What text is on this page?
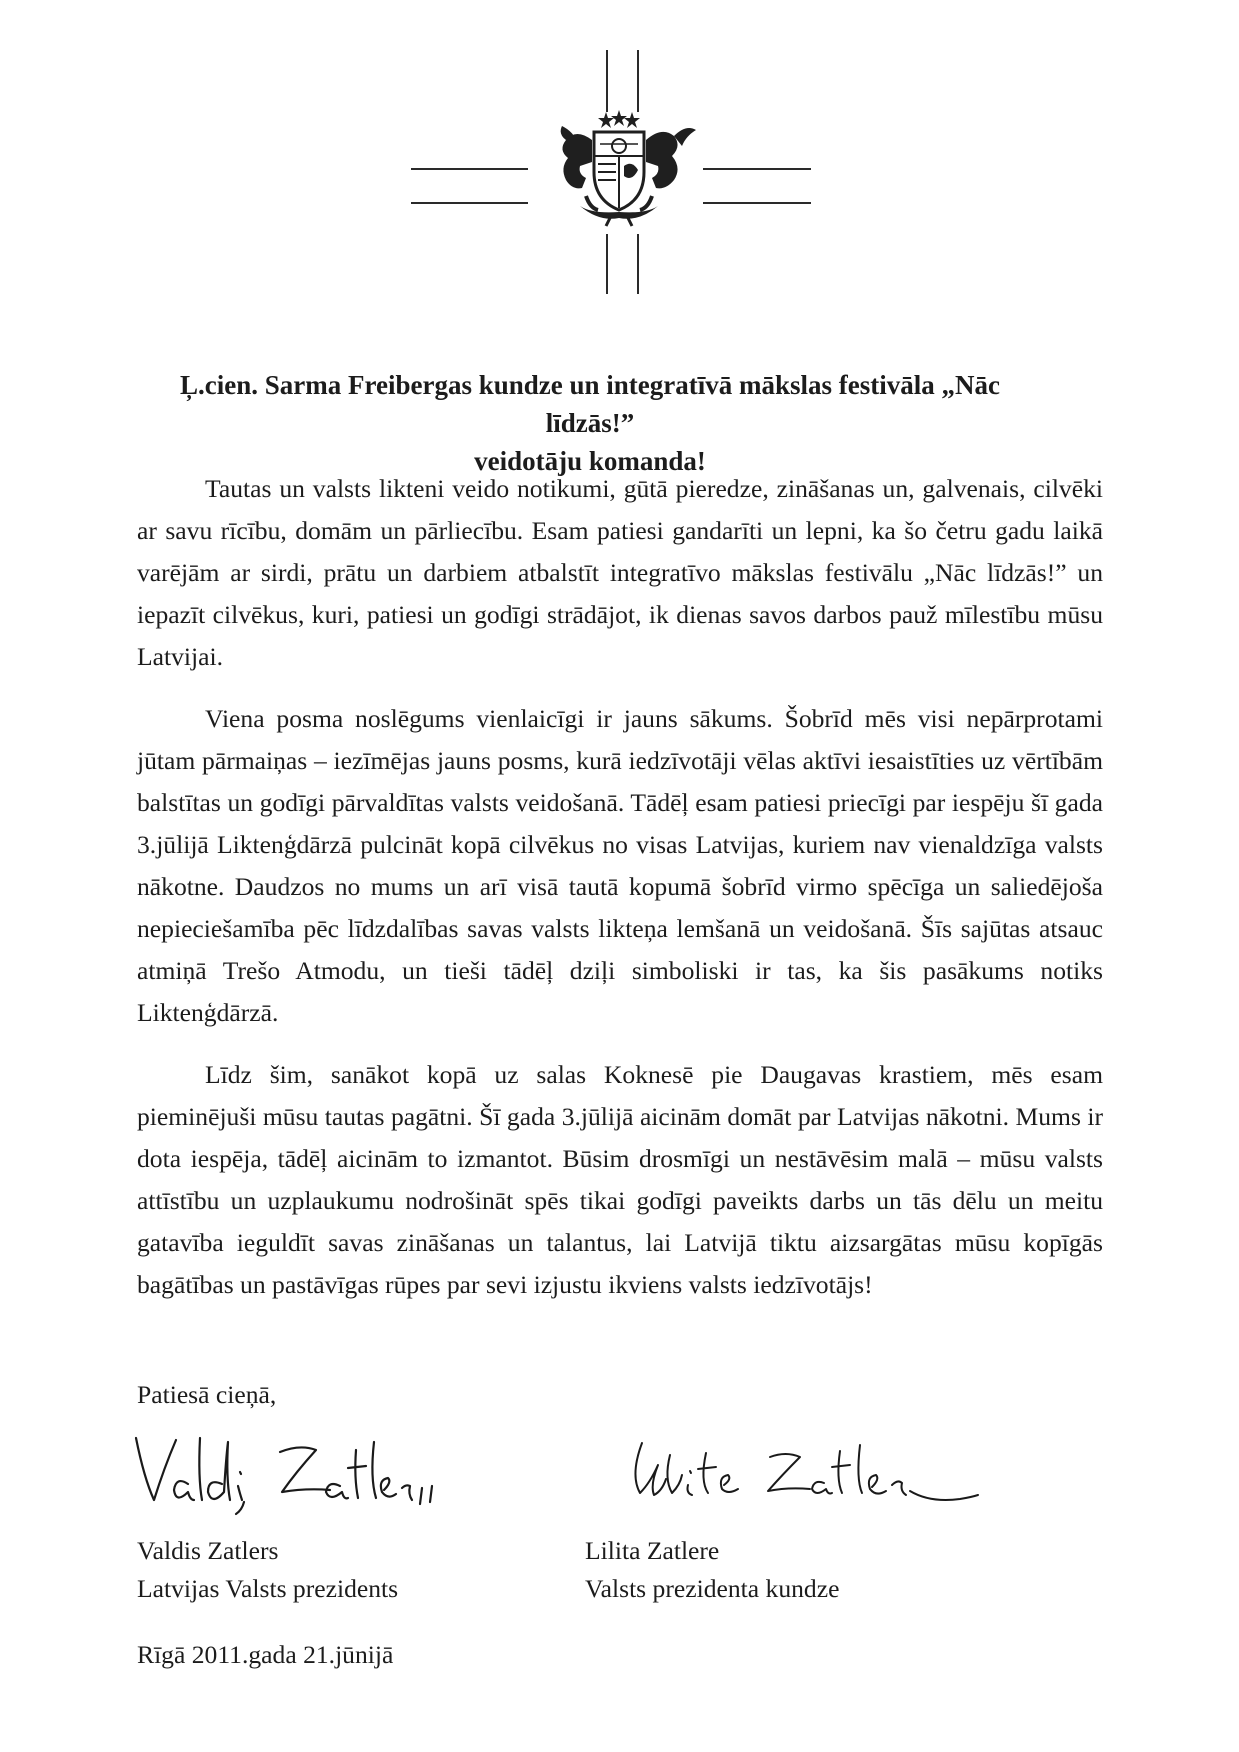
Ļ.cien. Sarma Freibergas kundze un integratīvā mākslas festivāla „Nāc līdzās!”

veidotāju komanda!

Tautas un valsts likteni veido notikumi, gūtā pieredze, zināšanas un, galvenais, cilvēki ar savu rīcību, domām un pārliecību. Esam patiesi gandarīti un lepni, ka šo četru gadu laikā varējām ar sirdi, prātu un darbiem atbalstīt integratīvo mākslas festivālu „Nāc līdzās!” un iepazīt cilvēkus, kuri, patiesi un godīgi strādājot, ik dienas savos darbos pauž mīlestību mūsu Latvijai.

Viena posma noslēgums vienlaicīgi ir jauns sākums. Šobrīd mēs visi nepārprotami jūtam pārmaiņas – iezīmējas jauns posms, kurā iedzīvotāji vēlas aktīvi iesaistīties uz vērtībām balstītas un godīgi pārvaldītas valsts veidošanā. Tādēļ esam patiesi priecīgi par iespēju šī gada 3.jūlijā Liktenģdārzā pulcināt kopā cilvēkus no visas Latvijas, kuriem nav vienaldzīga valsts nākotne. Daudzos no mums un arī visā tautā kopumā šobrīd virmo spēcīga un saliedējoša nepieciešamība pēc līdzdalības savas valsts likteņa lemšanā un veidošanā. Šīs sajūtas atsauc atmiņā Trešo Atmodu, un tieši tādēļ dziļi simboliski ir tas, ka šis pasākums notiks Liktenģdārzā.

Līdz šim, sanākot kopā uz salas Koknesē pie Daugavas krastiem, mēs esam pieminējuši mūsu tautas pagātni. Šī gada 3.jūlijā aicinām domāt par Latvijas nākotni. Mums ir dota iespēja, tādēļ aicinām to izmantot. Būsim drosmīgi un nestāvēsim malā – mūsu valsts attīstību un uzplaukumu nodrošināt spēs tikai godīgi paveikts darbs un tās dēlu un meitu gatavība ieguldīt savas zināšanas un talantus, lai Latvijā tiktu aizsargātas mūsu kopīgās bagātības un pastāvīgas rūpes par sevi izjustu ikviens valsts iedzīvotājs!

Patiesā cieņā,
Valdis Zatlers
Latvijas Valsts prezidents
Lilita Zatlere
Valsts prezidenta kundze
Rīgā 2011.gada 21.jūnijā
